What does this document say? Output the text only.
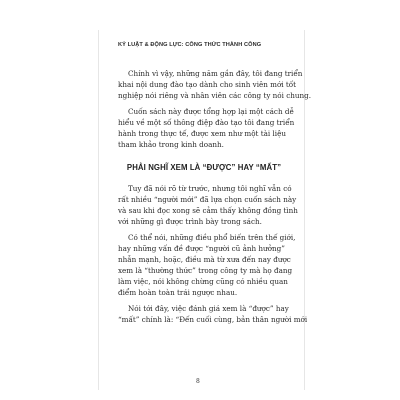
KỶ LUẬT & ĐỘNG LỰC: CÔNG THỨC THÀNH CÔNG

Chính vì vậy, những năm gần đây, tôi đang triển
khai nội dung đào tạo dành cho sinh viên mới tốt
nghiệp nói riêng và nhân viên các công ty nói chung.

Cuốn sách này được tổng hợp lại một cách dễ
hiểu về một số thông điệp đào tạo tôi đang triển
hành trong thực tế, được xem như một tài liệu
tham khảo trong kinh doanh.

PHẢI NGHĨ XEM LÀ “ĐƯỢC” HAY “MẤT”

Tuy đã nói rõ từ trước, nhưng tôi nghĩ vẫn có
rất nhiều “người mới” đã lựa chọn cuốn sách này
và sau khi đọc xong sẽ cảm thấy không đồng tình
với những gì được trình bày trong sách.

Có thể nói, những điều phổ biến trên thế giới,
hay những vấn đề được “người cũ ảnh hưởng”
nhẫn mạnh, hoặc, điều mà từ xưa đến nay được
xem là “thường thức” trong công ty mà họ đang
làm việc, nói không chừng cũng có nhiều quan
điểm hoàn toàn trái ngược nhau.

Nói tới đây, việc đánh giá xem là “được” hay
“mất” chính là: “Đến cuối cùng, bản thân người mới

8
